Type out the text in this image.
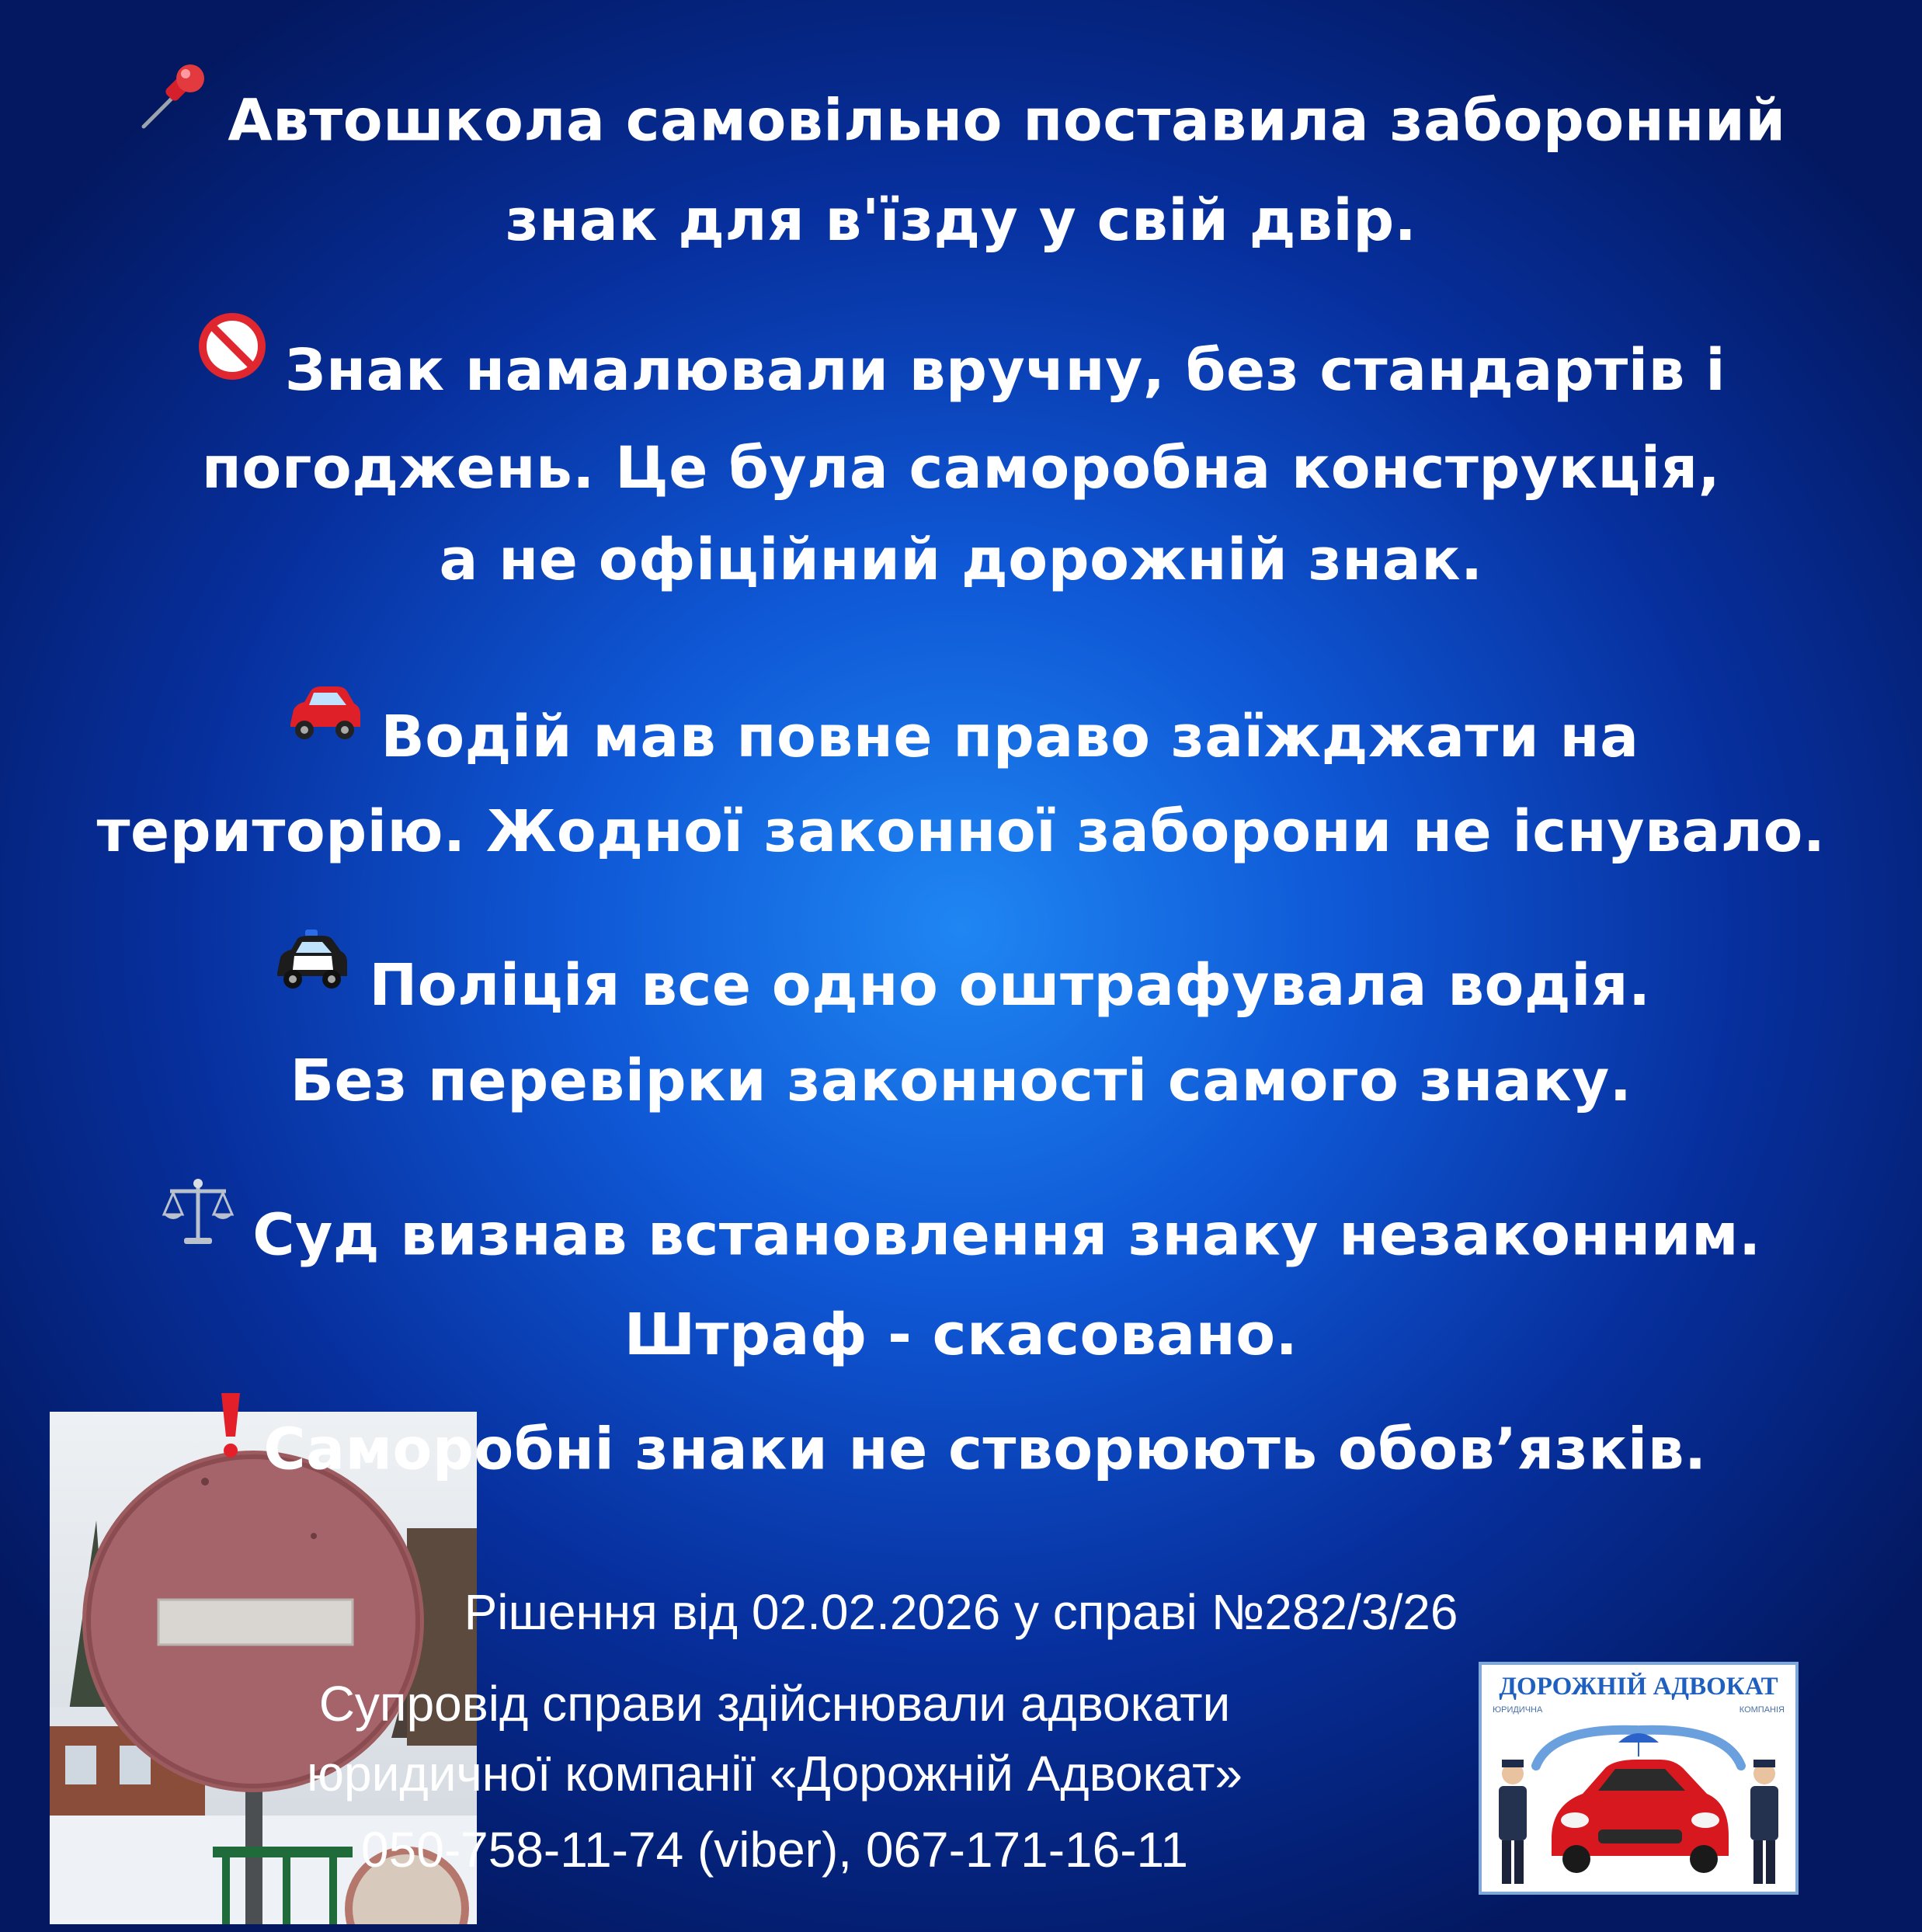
Автошкола самовільно поставила заборонний
знак для в'їзду у свій двір.
Знак намалювали вручну, без стандартів і
погоджень. Це була саморобна конструкція,
а не офіційний дорожній знак.
Водій мав повне право заїжджати на
територію. Жодної законної заборони не існувало.
Поліція все одно оштрафувала водія.
Без перевірки законності самого знаку.
Суд визнав встановлення знаку незаконним.
Штраф - скасовано.
Саморобні знаки не створюють обов’язків.
Рішення від 02.02.2026 у справі №282/3/26
Супровід справи здійснювали адвокати
юридичної компанії «Дорожній Адвокат»
050-758-11-74 (viber), 067-171-16-11
ДОРОЖНІЙ АДВОКАТ
ЮРИДИЧНА	КОМПАНІЯ
